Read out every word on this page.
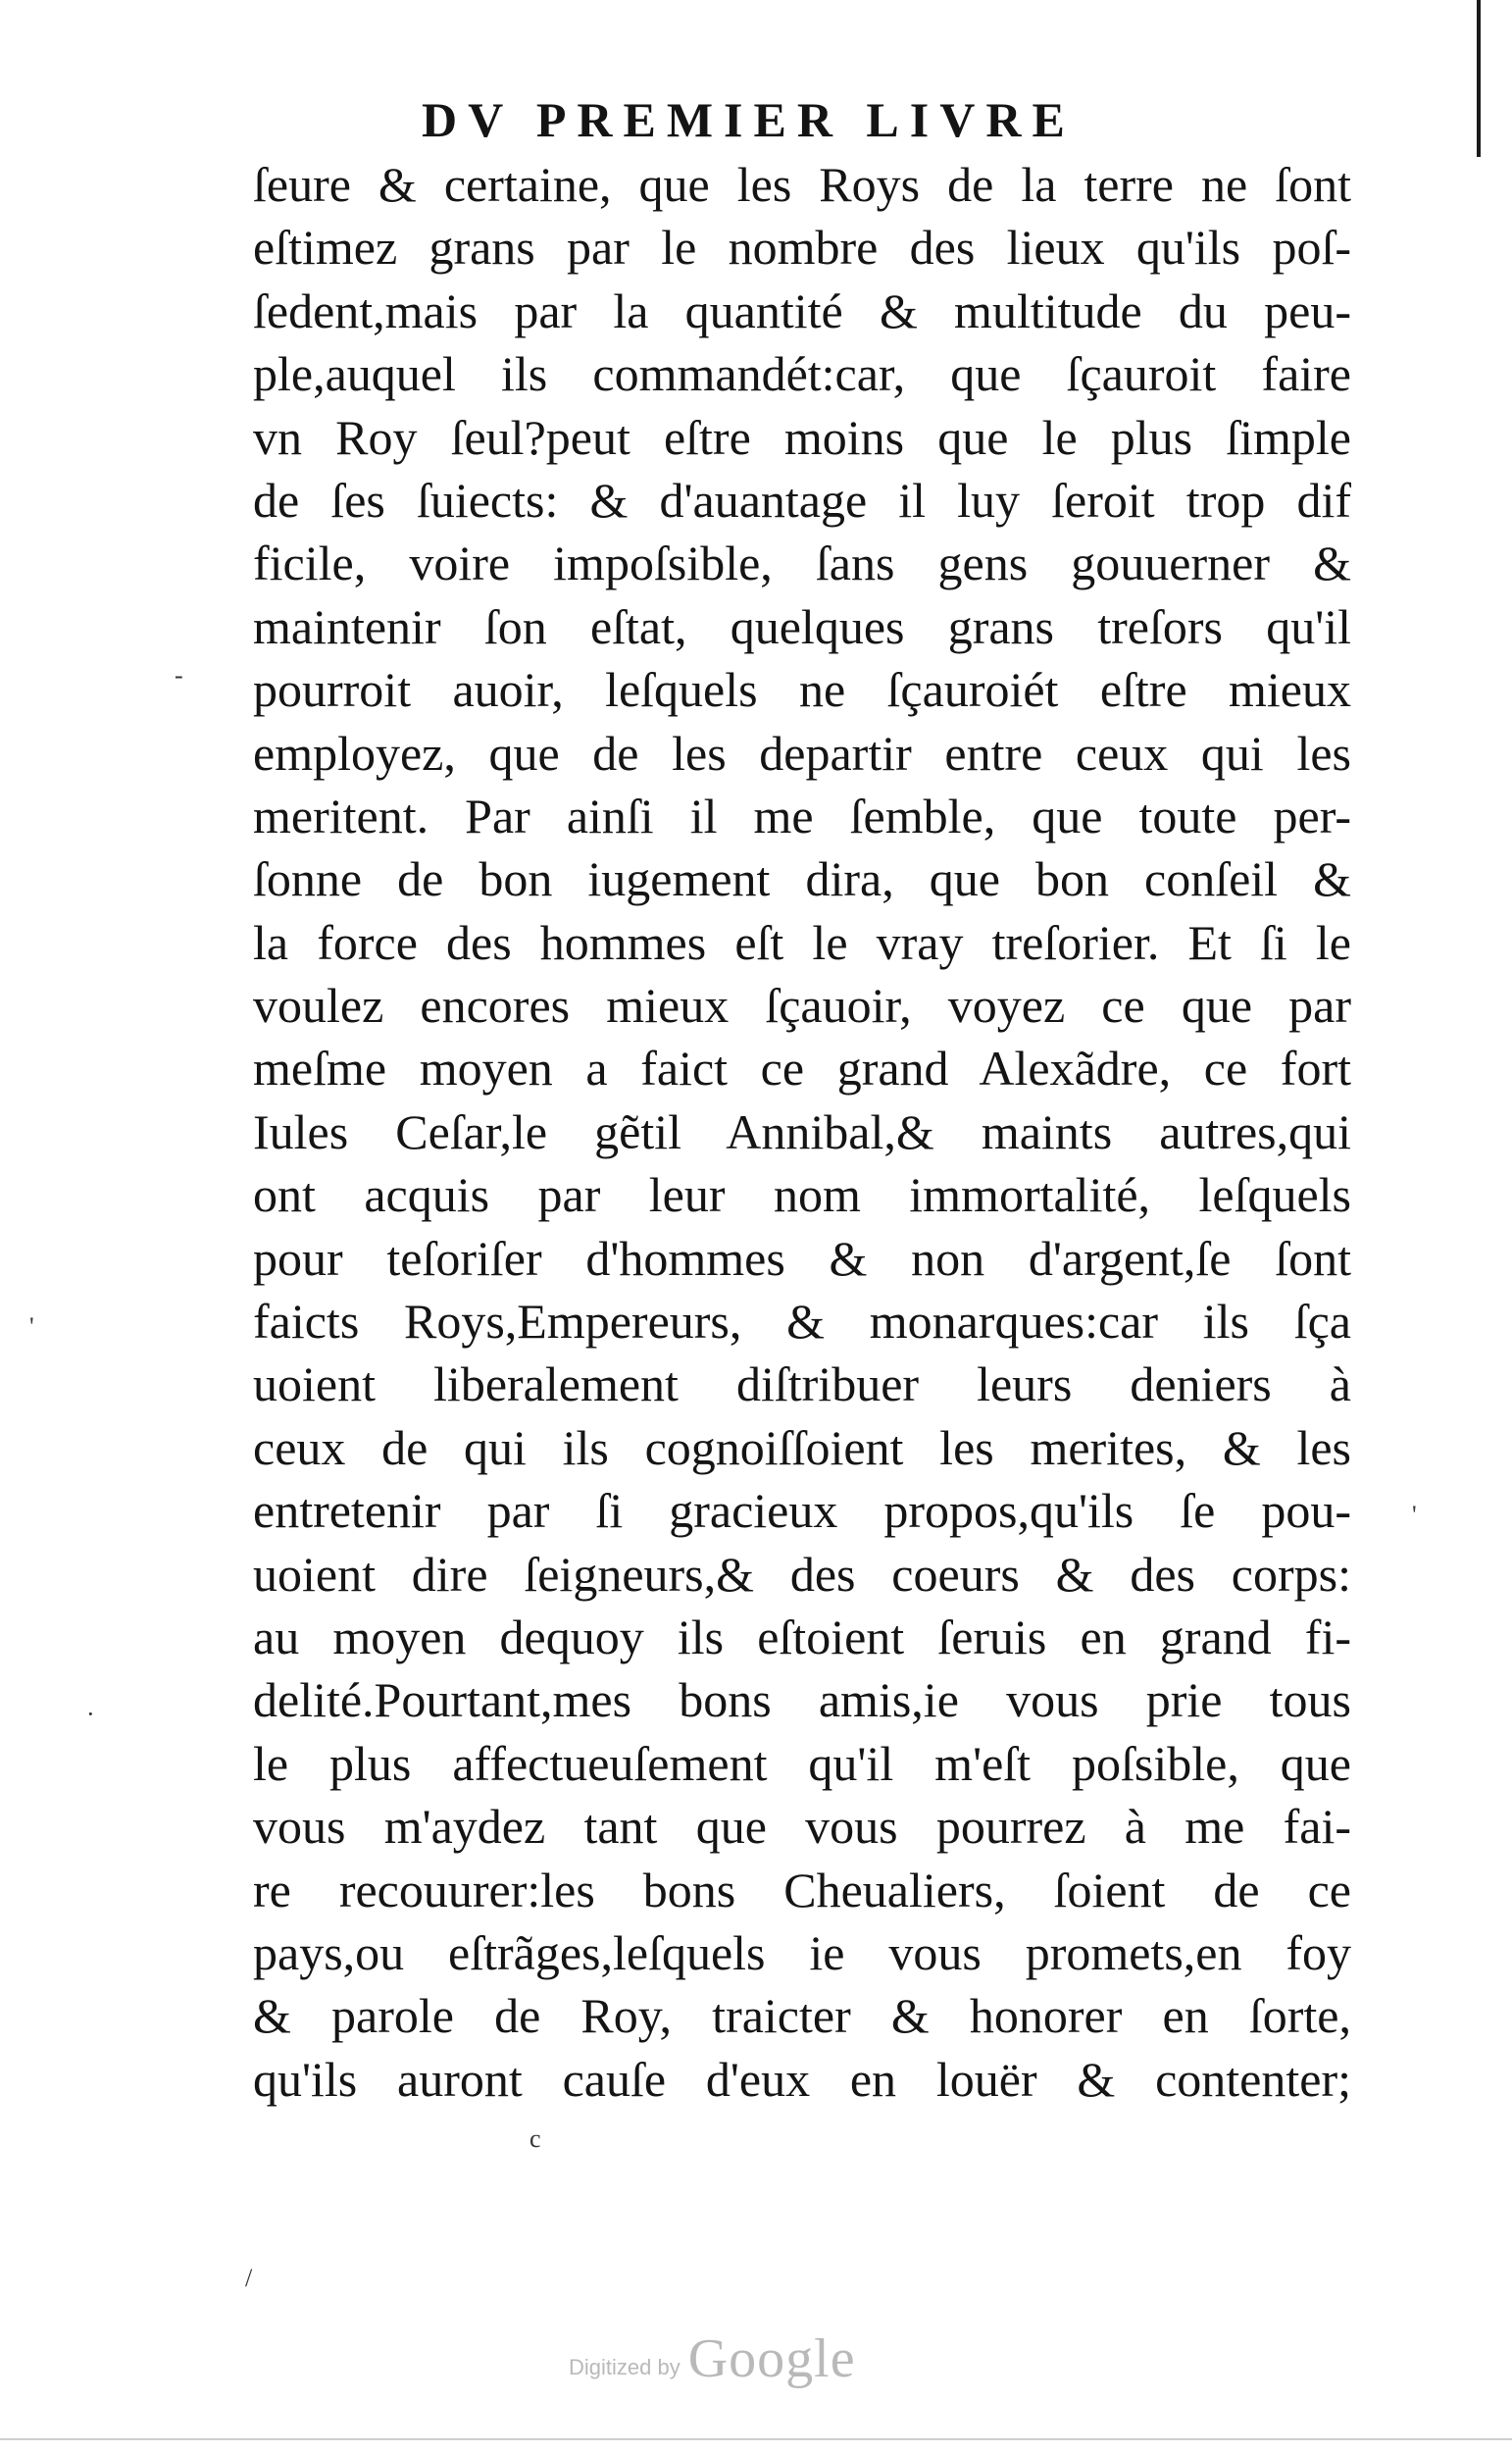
DV PREMIER LIVRE
ſeure & certaine, que les Roys de la terre ne ſont
eſtimez grans par le nombre des lieux qu'ils poſ-
ſedent,mais par la quantité & multitude du peu-
ple,auquel ils commandét:car, que ſçauroit faire
vn Roy ſeul?peut eſtre moins que le plus ſimple
de ſes ſuiects: & d'auantage il luy ſeroit trop dif
ficile, voire impoſsible, ſans gens gouuerner &
maintenir ſon eſtat, quelques grans treſors qu'il
pourroit auoir, leſquels ne ſçauroiét eſtre mieux
employez, que de les departir entre ceux qui les
meritent. Par ainſi il me ſemble, que toute per-
ſonne de bon iugement dira, que bon conſeil &
la force des hommes eſt le vray treſorier. Et ſi le
voulez encores mieux ſçauoir, voyez ce que par
meſme moyen a faict ce grand Alexãdre, ce fort
Iules Ceſar,le gẽtil Annibal,& maints autres,qui
ont acquis par leur nom immortalité, leſquels
pour teſoriſer d'hommes & non d'argent,ſe ſont
faicts Roys,Empereurs, & monarques:car ils ſça
uoient liberalement diſtribuer leurs deniers à
ceux de qui ils cognoiſſoient les merites, & les
entretenir par ſi gracieux propos,qu'ils ſe pou-
uoient dire ſeigneurs,& des coeurs & des corps:
au moyen dequoy ils eſtoient ſeruis en grand fi-
delité.Pourtant,mes bons amis,ie vous prie tous
le plus affectueuſement qu'il m'eſt poſsible, que
vous m'aydez tant que vous pourrez à me fai-
re recouurer:les bons Cheualiers, ſoient de ce
pays,ou eſtrãges,leſquels ie vous promets,en foy
& parole de Roy, traicter & honorer en ſorte,
qu'ils auront cauſe d'eux en louër & contenter;
-
'
·
'
c
/
Digitized by Google
